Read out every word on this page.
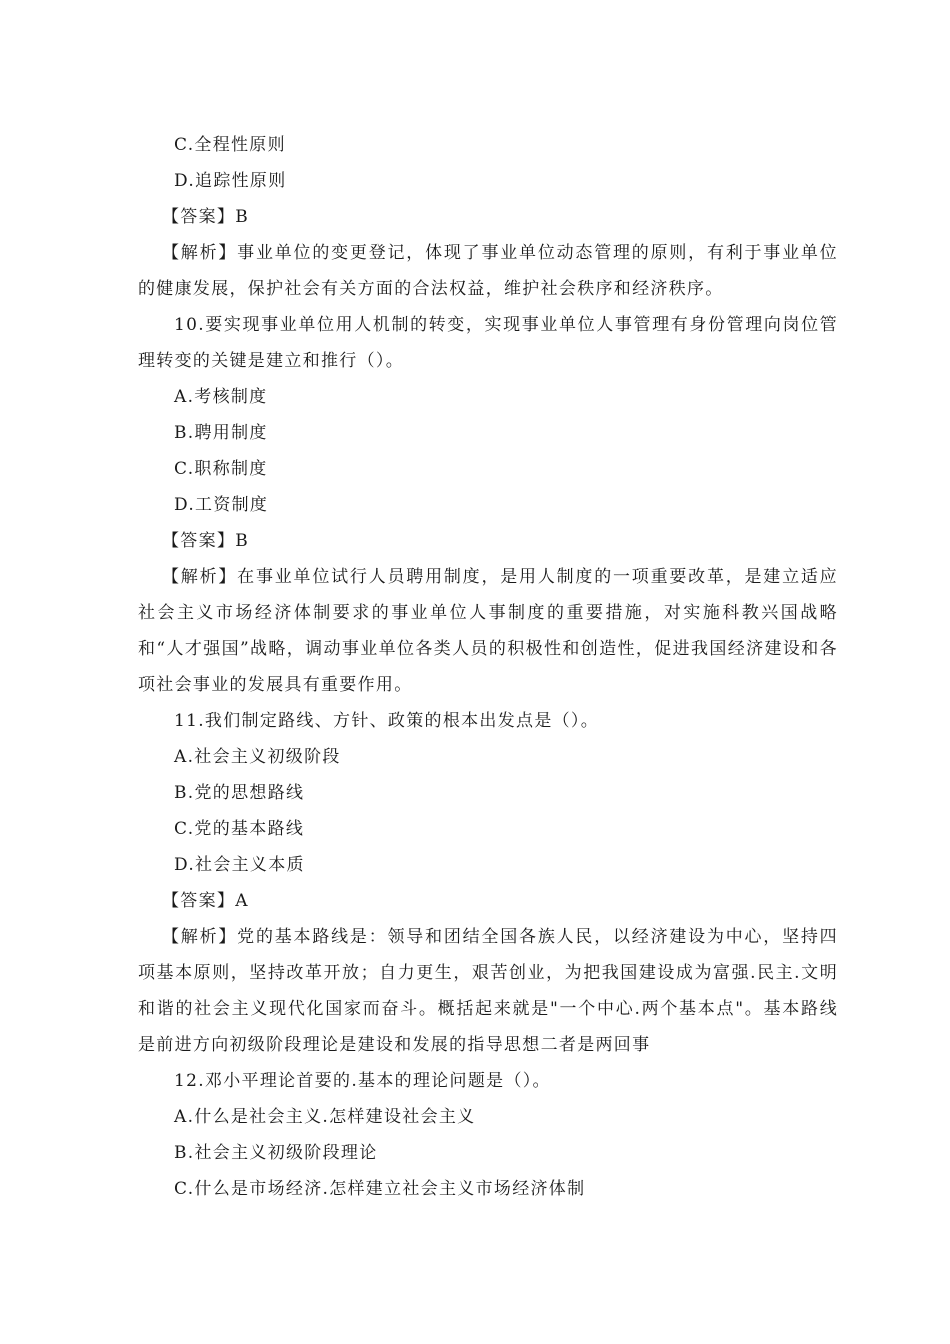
C.全程性原则

D.追踪性原则

【答案】B

【解析】事业单位的变更登记，体现了事业单位动态管理的原则，有利于事业单位的健康发展，保护社会有关方面的合法权益，维护社会秩序和经济秩序。

10.要实现事业单位用人机制的转变，实现事业单位人事管理有身份管理向岗位管理转变的关键是建立和推行（）。

A.考核制度

B.聘用制度

C.职称制度

D.工资制度

【答案】B

【解析】在事业单位试行人员聘用制度，是用人制度的一项重要改革，是建立适应社会主义市场经济体制要求的事业单位人事制度的重要措施，对实施科教兴国战略和“人才强国”战略，调动事业单位各类人员的积极性和创造性，促进我国经济建设和各项社会事业的发展具有重要作用。

11.我们制定路线、方针、政策的根本出发点是（）。

A.社会主义初级阶段

B.党的思想路线

C.党的基本路线

D.社会主义本质

【答案】A

【解析】党的基本路线是：领导和团结全国各族人民，以经济建设为中心，坚持四项基本原则，坚持改革开放；自力更生，艰苦创业，为把我国建设成为富强.民主.文明和谐的社会主义现代化国家而奋斗。概括起来就是"一个中心.两个基本点"。基本路线是前进方向初级阶段理论是建设和发展的指导思想二者是两回事

12.邓小平理论首要的.基本的理论问题是（）。

A.什么是社会主义.怎样建设社会主义

B.社会主义初级阶段理论

C.什么是市场经济.怎样建立社会主义市场经济体制
